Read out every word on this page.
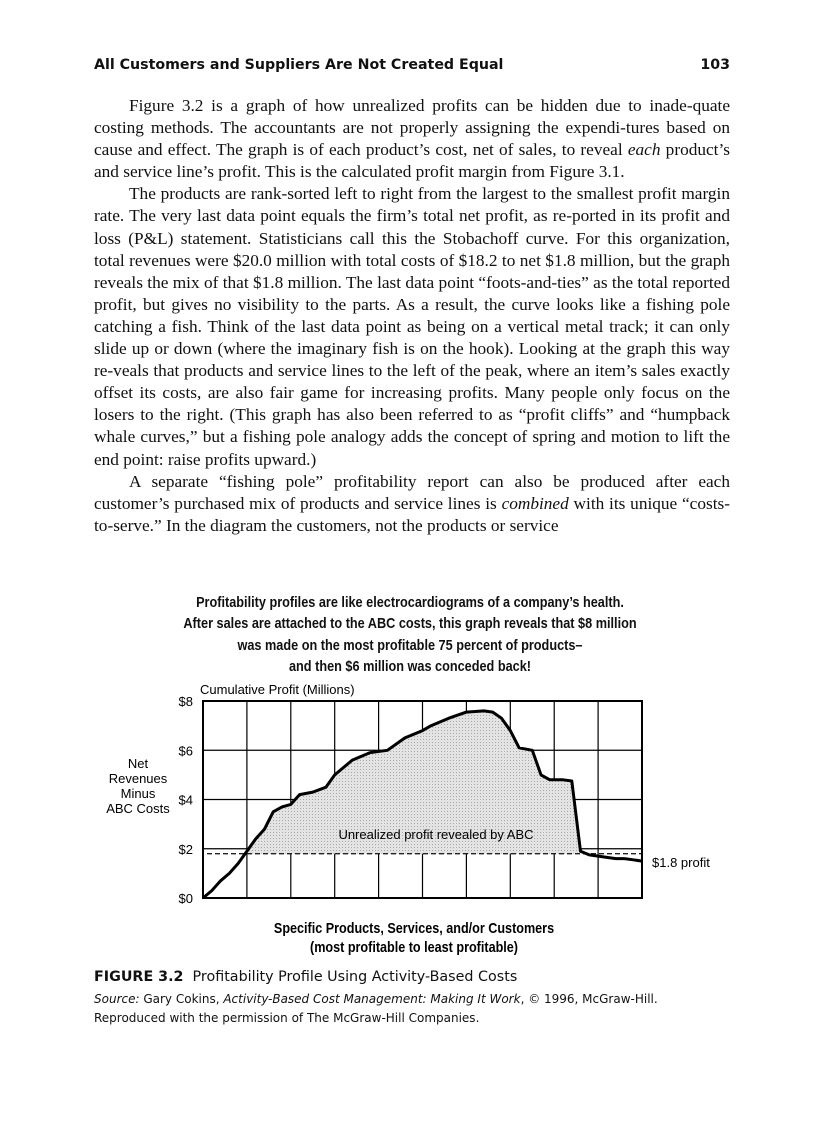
All Customers and Suppliers Are Not Created Equal	103

Figure 3.2 is a graph of how unrealized profits can be hidden due to inade-quate costing methods. The accountants are not properly assigning the expendi-tures based on cause and effect. The graph is of each product’s cost, net of sales, to reveal each product’s and service line’s profit. This is the calculated profit margin from Figure 3.1.

The products are rank-sorted left to right from the largest to the smallest profit margin rate. The very last data point equals the firm’s total net profit, as re-ported in its profit and loss (P&L) statement. Statisticians call this the Stobachoff curve. For this organization, total revenues were $20.0 million with total costs of $18.2 to net $1.8 million, but the graph reveals the mix of that $1.8 million. The last data point “foots-and-ties” as the total reported profit, but gives no visibility to the parts. As a result, the curve looks like a fishing pole catching a fish. Think of the last data point as being on a vertical metal track; it can only slide up or down (where the imaginary fish is on the hook). Looking at the graph this way re-veals that products and service lines to the left of the peak, where an item’s sales exactly offset its costs, are also fair game for increasing profits. Many people only focus on the losers to the right. (This graph has also been referred to as “profit cliffs” and “humpback whale curves,” but a fishing pole analogy adds the concept of spring and motion to lift the end point: raise profits upward.)

A separate “fishing pole” profitability report can also be produced after each customer’s purchased mix of products and service lines is combined with its unique “costs-to-serve.” In the diagram the customers, not the products or service

Profitability profiles are like electrocardiograms of a company’s health.
After sales are attached to the ABC costs, this graph reveals that $8 million
was made on the most profitable 75 percent of products–
and then $6 million was conceded back!
$0
$2
$4
$6
$8
Cumulative Profit (Millions)
Net
Revenues
Minus
ABC Costs
Unrealized profit revealed by ABC
$1.8 profit
Specific Products, Services, and/or Customers
(most profitable to least profitable)
FIGURE 3.2 Profitability Profile Using Activity-Based Costs
Source: Gary Cokins, Activity-Based Cost Management: Making It Work, © 1996, McGraw-Hill.
Reproduced with the permission of The McGraw-Hill Companies.
